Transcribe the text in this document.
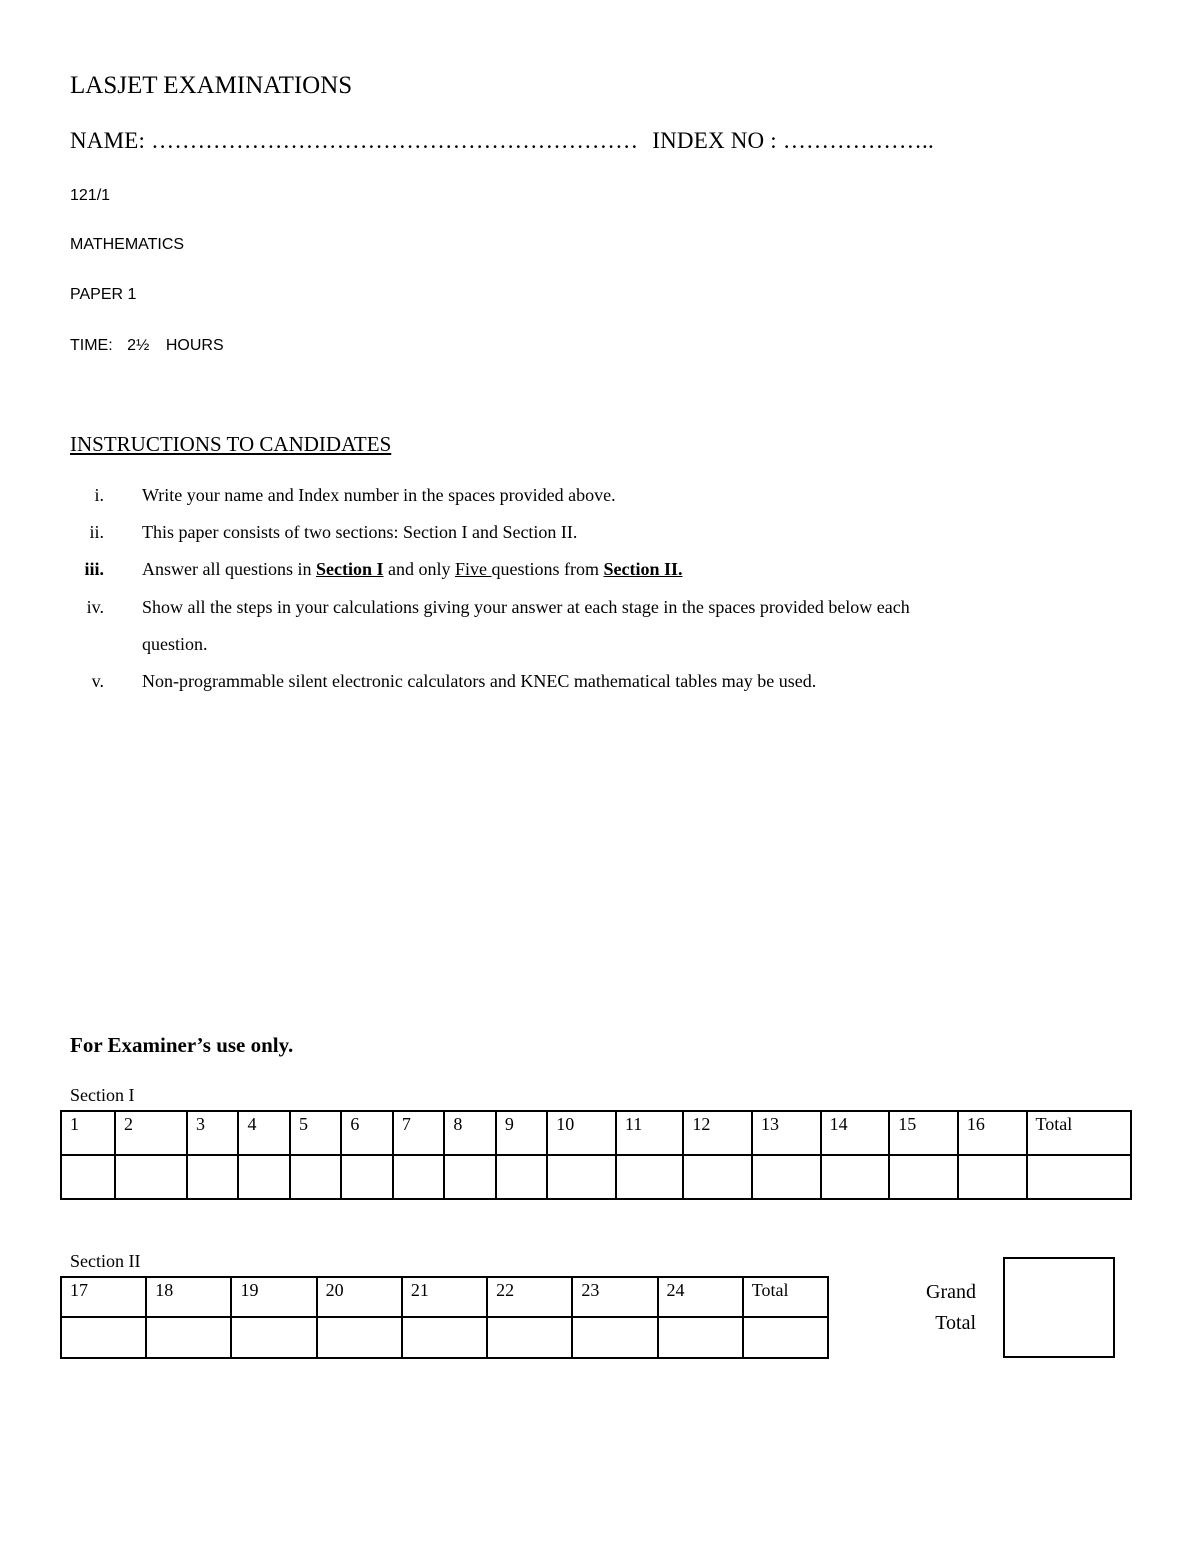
LASJET EXAMINATIONS
NAME: ……………………………………………………… INDEX NO : ………………..
121/1
MATHEMATICS
PAPER 1
TIME: 2½ HOURS
INSTRUCTIONS TO CANDIDATES
i. Write your name and Index number in the spaces provided above.
ii. This paper consists of two sections: Section I and Section II.
iii. Answer all questions in Section I and only Five questions from Section II.
iv. Show all the steps in your calculations giving your answer at each stage in the spaces provided below each
question.
v. Non-programmable silent electronic calculators and KNEC mathematical tables may be used.
For Examiner’s use only.
Section I
1	2	3	4	5	6	7	8	9	10	11	12	13	14	15	16	Total

Section II
17	18	19	20	21	22	23	24	Total
									Grand Total
